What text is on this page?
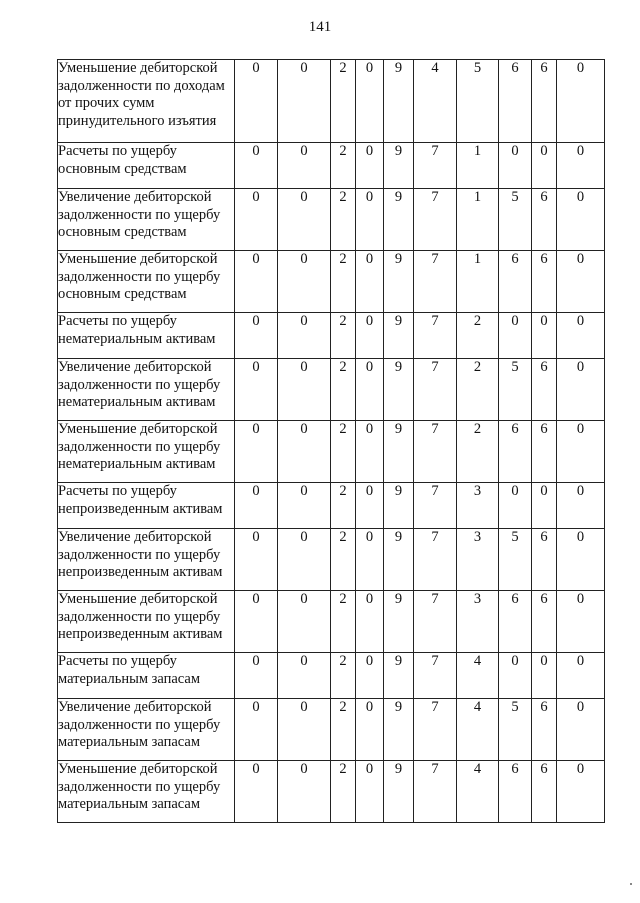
141
Уменьшение дебиторской задолженности по доходам от прочих сумм принудительного изъятия	0	0	2	0	9	4	5	6	6	0
Расчеты по ущербу основным средствам	0	0	2	0	9	7	1	0	0	0
Увеличение дебиторской задолженности по ущербу основным средствам	0	0	2	0	9	7	1	5	6	0
Уменьшение дебиторской задолженности по ущербу основным средствам	0	0	2	0	9	7	1	6	6	0
Расчеты по ущербу нематериальным активам	0	0	2	0	9	7	2	0	0	0
Увеличение дебиторской задолженности по ущербу нематериальным активам	0	0	2	0	9	7	2	5	6	0
Уменьшение дебиторской задолженности по ущербу нематериальным активам	0	0	2	0	9	7	2	6	6	0
Расчеты по ущербу непроизведенным активам	0	0	2	0	9	7	3	0	0	0
Увеличение дебиторской задолженности по ущербу непроизведенным активам	0	0	2	0	9	7	3	5	6	0
Уменьшение дебиторской задолженности по ущербу непроизведенным активам	0	0	2	0	9	7	3	6	6	0
Расчеты по ущербу материальным запасам	0	0	2	0	9	7	4	0	0	0
Увеличение дебиторской задолженности по ущербу материальным запасам	0	0	2	0	9	7	4	5	6	0
Уменьшение дебиторской задолженности по ущербу материальным запасам	0	0	2	0	9	7	4	6	6	0
